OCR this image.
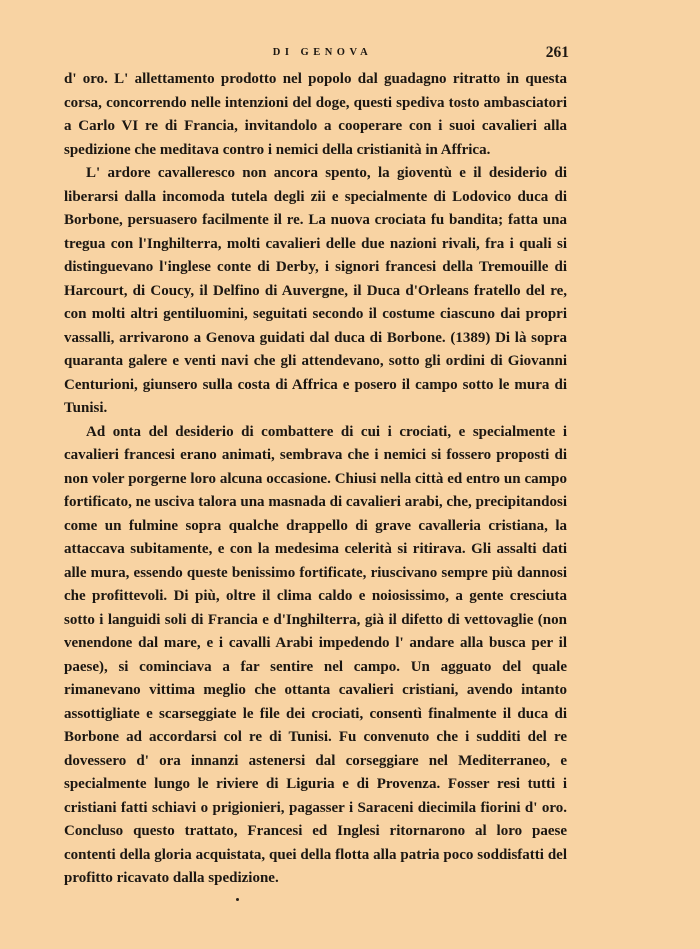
DI GENOVA	261

d' oro. L' allettamento prodotto nel popolo dal guadagno ritratto in questa corsa, concorrendo nelle intenzioni del doge, questi spediva tosto ambasciatori a Carlo VI re di Francia, invitandolo a cooperare con i suoi cavalieri alla spedizione che meditava contro i nemici della cristianità in Affrica.

L' ardore cavalleresco non ancora spento, la gioventù e il desiderio di liberarsi dalla incomoda tutela degli zii e specialmente di Lodovico duca di Borbone, persuasero facilmente il re. La nuova crociata fu bandita; fatta una tregua con l'Inghilterra, molti cavalieri delle due nazioni rivali, fra i quali si distinguevano l'inglese conte di Derby, i signori francesi della Tremouille di Harcourt, di Coucy, il Delfino di Auvergne, il Duca d'Orleans fratello del re, con molti altri gentiluomini, seguitati secondo il costume ciascuno dai propri vassalli, arrivarono a Genova guidati dal duca di Borbone. (1389) Di là sopra quaranta galere e venti navi che gli attendevano, sotto gli ordini di Giovanni Centurioni, giunsero sulla costa di Affrica e posero il campo sotto le mura di Tunisi.

Ad onta del desiderio di combattere di cui i crociati, e specialmente i cavalieri francesi erano animati, sembrava che i nemici si fossero proposti di non voler porgerne loro alcuna occasione. Chiusi nella città ed entro un campo fortificato, ne usciva talora una masnada di cavalieri arabi, che, precipitandosi come un fulmine sopra qualche drappello di grave cavalleria cristiana, la attaccava subitamente, e con la medesima celerità si ritirava. Gli assalti dati alle mura, essendo queste benissimo fortificate, riuscivano sempre più dannosi che profittevoli. Di più, oltre il clima caldo e noiosissimo, a gente cresciuta sotto i languidi soli di Francia e d'Inghilterra, già il difetto di vettovaglie (non venendone dal mare, e i cavalli Arabi impedendo l' andare alla busca per il paese), si cominciava a far sentire nel campo. Un agguato del quale rimanevano vittima meglio che ottanta cavalieri cristiani, avendo intanto assottigliate e scarseggiate le file dei crociati, consentì finalmente il duca di Borbone ad accordarsi col re di Tunisi. Fu convenuto che i sudditi del re dovessero d' ora innanzi astenersi dal corseggiare nel Mediterraneo, e specialmente lungo le riviere di Liguria e di Provenza. Fosser resi tutti i cristiani fatti schiavi o prigionieri, pagasser i Saraceni diecimila fiorini d' oro. Concluso questo trattato, Francesi ed Inglesi ritornarono al loro paese contenti della gloria acquistata, quei della flotta alla patria poco soddisfatti del profitto ricavato dalla spedizione.
